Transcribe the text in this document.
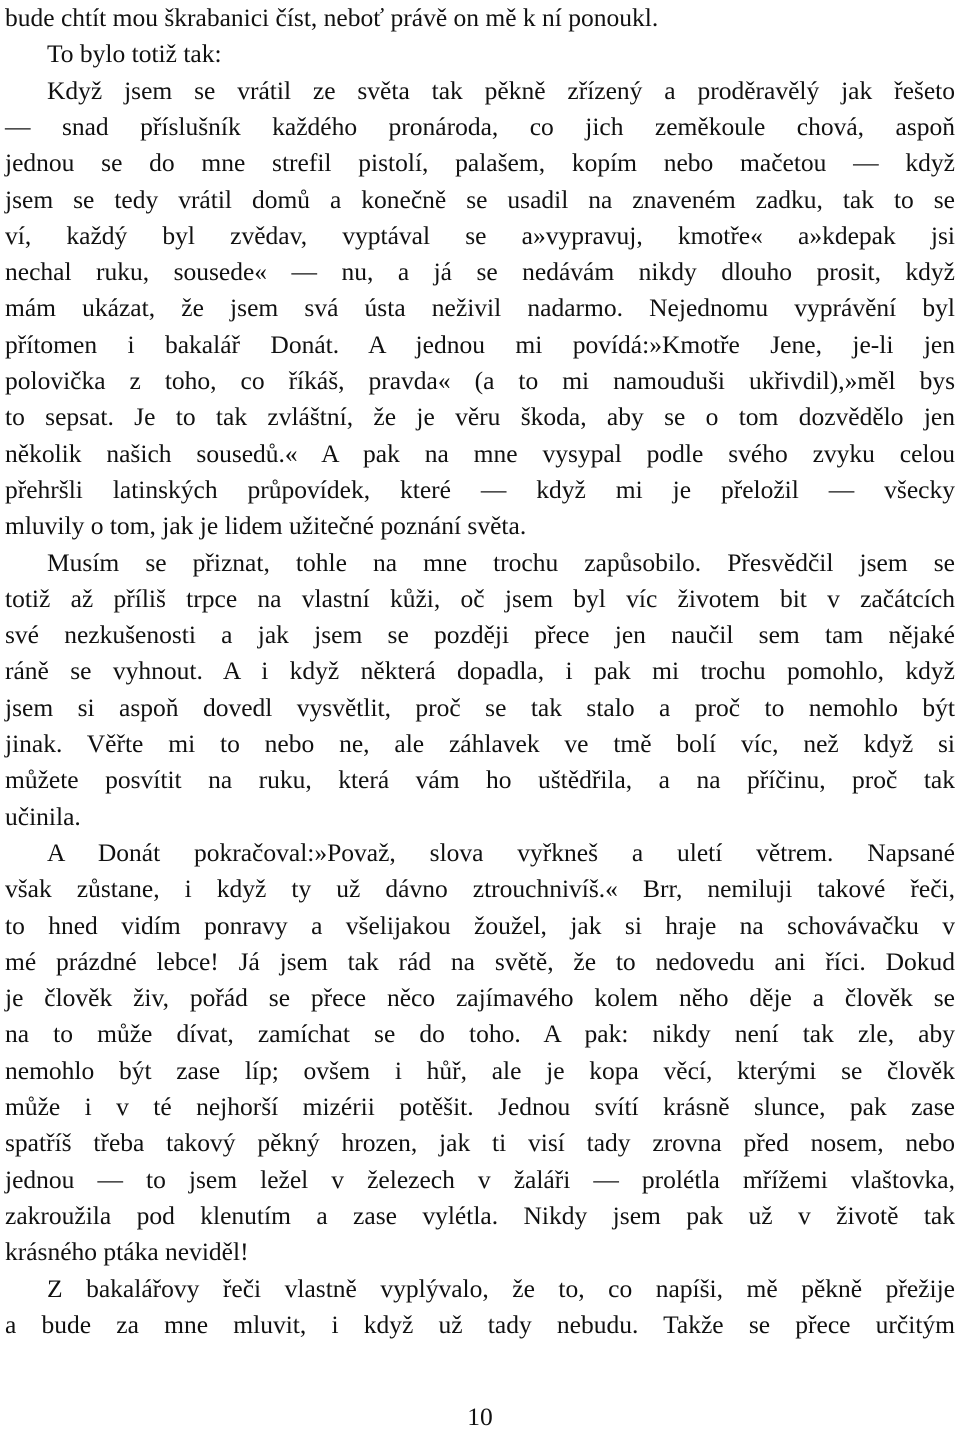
bude chtít mou škrabanici číst, neboť právě on mě k ní ponoukl.
To bylo totiž tak:
Když jsem se vrátil ze světa tak pěkně zřízený a proděravělý jak řešeto
— snad příslušník každého pronároda, co jich zeměkoule chová, aspoň
jednou se do mne strefil pistolí, palašem, kopím nebo mačetou — když
jsem se tedy vrátil domů a konečně se usadil na znaveném zadku, tak to se
ví, každý byl zvědav, vyptával se a»vypravuj, kmotře« a»kdepak jsi
nechal ruku, sousede« — nu, a já se nedávám nikdy dlouho prosit, když
mám ukázat, že jsem svá ústa neživil nadarmo. Nejednomu vyprávění byl
přítomen i bakalář Donát. A jednou mi povídá:»Kmotře Jene, je-li jen
polovička z toho, co říkáš, pravda« (a to mi namouduši ukřivdil),»měl bys
to sepsat. Je to tak zvláštní, že je věru škoda, aby se o tom dozvědělo jen
několik našich sousedů.« A pak na mne vysypal podle svého zvyku celou
přehršli latinských průpovídek, které — když mi je přeložil — všecky
mluvily o tom, jak je lidem užitečné poznání světa.
Musím se přiznat, tohle na mne trochu zapůsobilo. Přesvědčil jsem se
totiž až příliš trpce na vlastní kůži, oč jsem byl víc životem bit v začátcích
své nezkušenosti a jak jsem se později přece jen naučil sem tam nějaké
ráně se vyhnout. A i když některá dopadla, i pak mi trochu pomohlo, když
jsem si aspoň dovedl vysvětlit, proč se tak stalo a proč to nemohlo být
jinak. Věřte mi to nebo ne, ale záhlavek ve tmě bolí víc, než když si
můžete posvítit na ruku, která vám ho uštědřila, a na příčinu, proč tak
učinila.
A Donát pokračoval:»Považ, slova vyřkneš a uletí větrem. Napsané
však zůstane, i když ty už dávno ztrouchnivíš.« Brr, nemiluji takové řeči,
to hned vidím ponravy a všelijakou žoužel, jak si hraje na schovávačku v
mé prázdné lebce! Já jsem tak rád na světě, že to nedovedu ani říci. Dokud
je člověk živ, pořád se přece něco zajímavého kolem něho děje a člověk se
na to může dívat, zamíchat se do toho. A pak: nikdy není tak zle, aby
nemohlo být zase líp; ovšem i hůř, ale je kopa věcí, kterými se člověk
může i v té nejhorší mizérii potěšit. Jednou svítí krásně slunce, pak zase
spatříš třeba takový pěkný hrozen, jak ti visí tady zrovna před nosem, nebo
jednou — to jsem ležel v železech v žaláři — prolétla mřížemi vlaštovka,
zakroužila pod klenutím a zase vylétla. Nikdy jsem pak už v životě tak
krásného ptáka neviděl!
Z bakalářovy řeči vlastně vyplývalo, že to, co napíši, mě pěkně přežije
a bude za mne mluvit, i když už tady nebudu. Takže se přece určitým
10
